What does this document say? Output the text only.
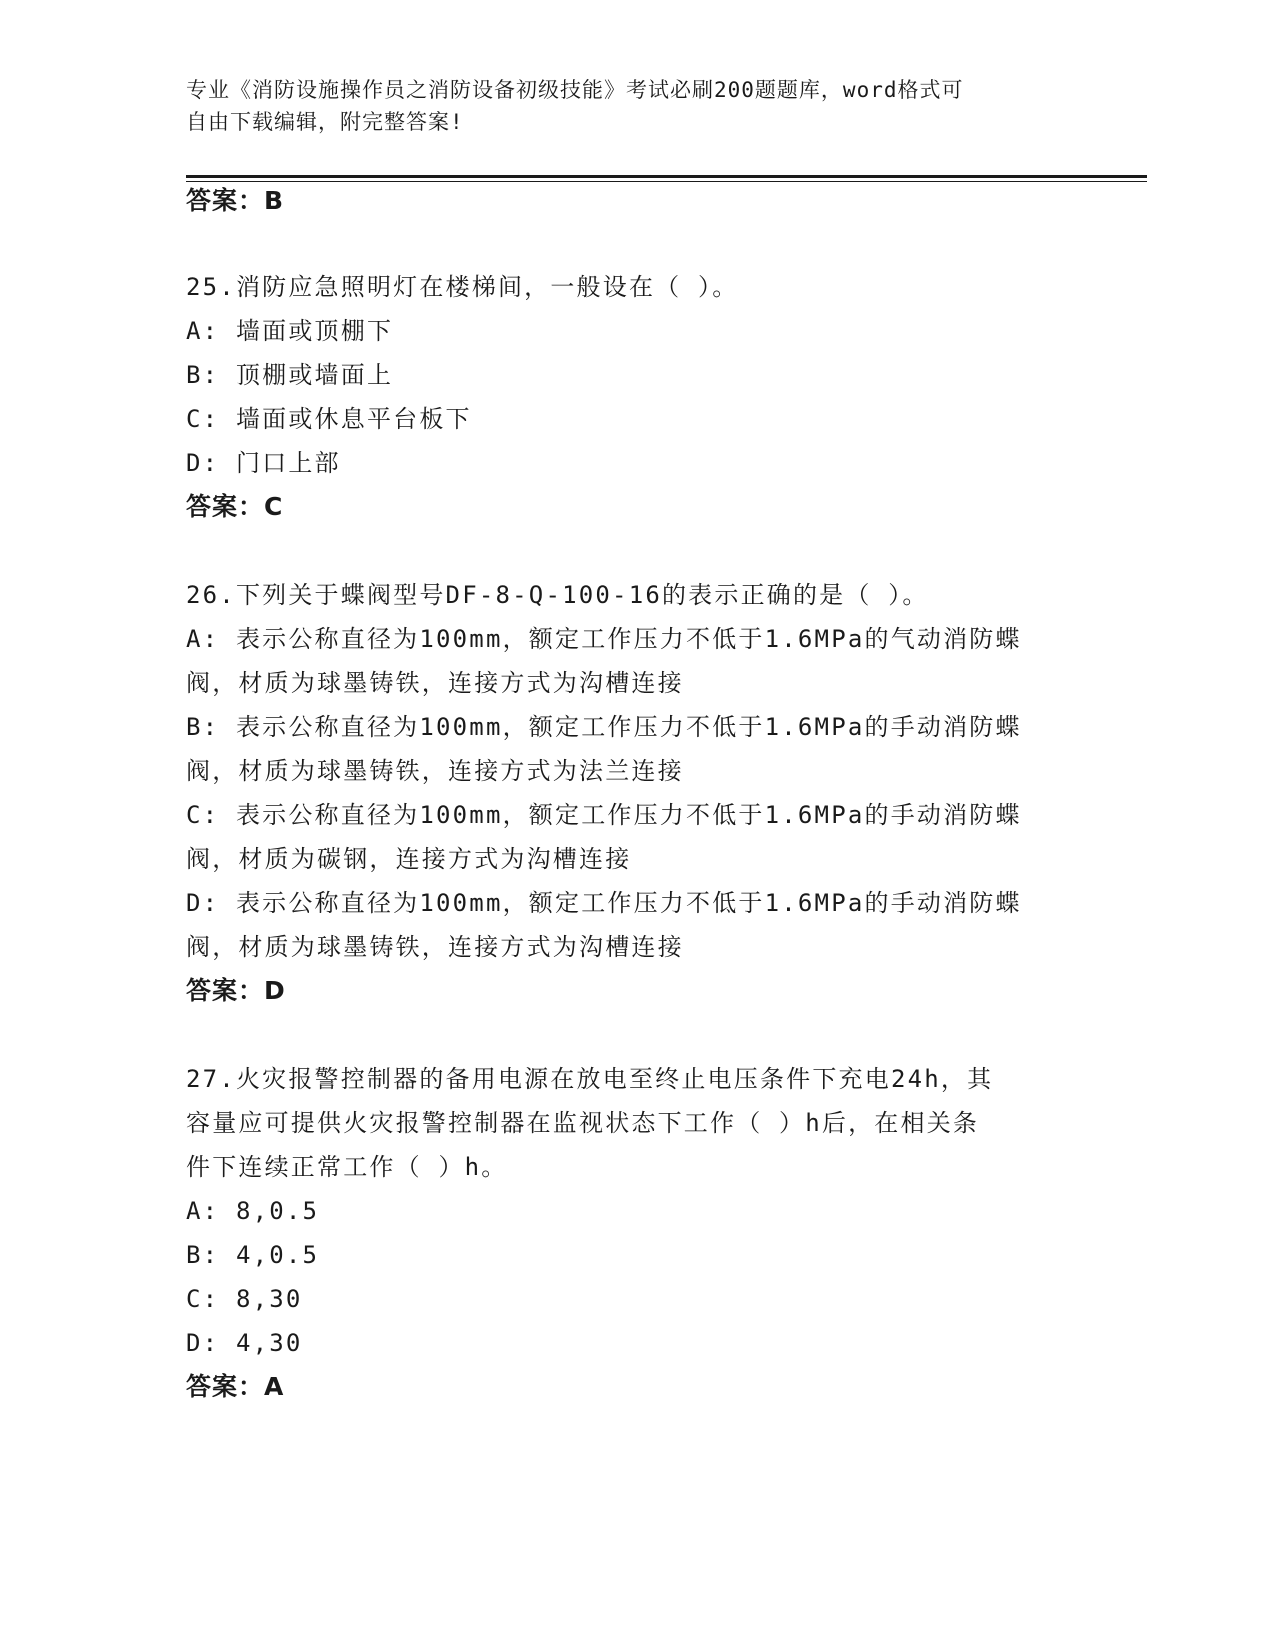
专业《消防设施操作员之消防设备初级技能》考试必刷200题题库，word格式可
自由下载编辑，附完整答案!
答案：B
25.消防应急照明灯在楼梯间，一般设在（ ）。
A: 墙面或顶棚下
B: 顶棚或墙面上
C: 墙面或休息平台板下
D: 门口上部
答案：C
26.下列关于蝶阀型号DF-8-Q-100-16的表示正确的是（ ）。
A: 表示公称直径为100mm，额定工作压力不低于1.6MPa的气动消防蝶
阀，材质为球墨铸铁，连接方式为沟槽连接
B: 表示公称直径为100mm，额定工作压力不低于1.6MPa的手动消防蝶
阀，材质为球墨铸铁，连接方式为法兰连接
C: 表示公称直径为100mm，额定工作压力不低于1.6MPa的手动消防蝶
阀，材质为碳钢，连接方式为沟槽连接
D: 表示公称直径为100mm，额定工作压力不低于1.6MPa的手动消防蝶
阀，材质为球墨铸铁，连接方式为沟槽连接
答案：D
27.火灾报警控制器的备用电源在放电至终止电压条件下充电24h，其
容量应可提供火灾报警控制器在监视状态下工作（ ）h后，在相关条
件下连续正常工作（ ）h。
A: 8,0.5
B: 4,0.5
C: 8,30
D: 4,30
答案：A
